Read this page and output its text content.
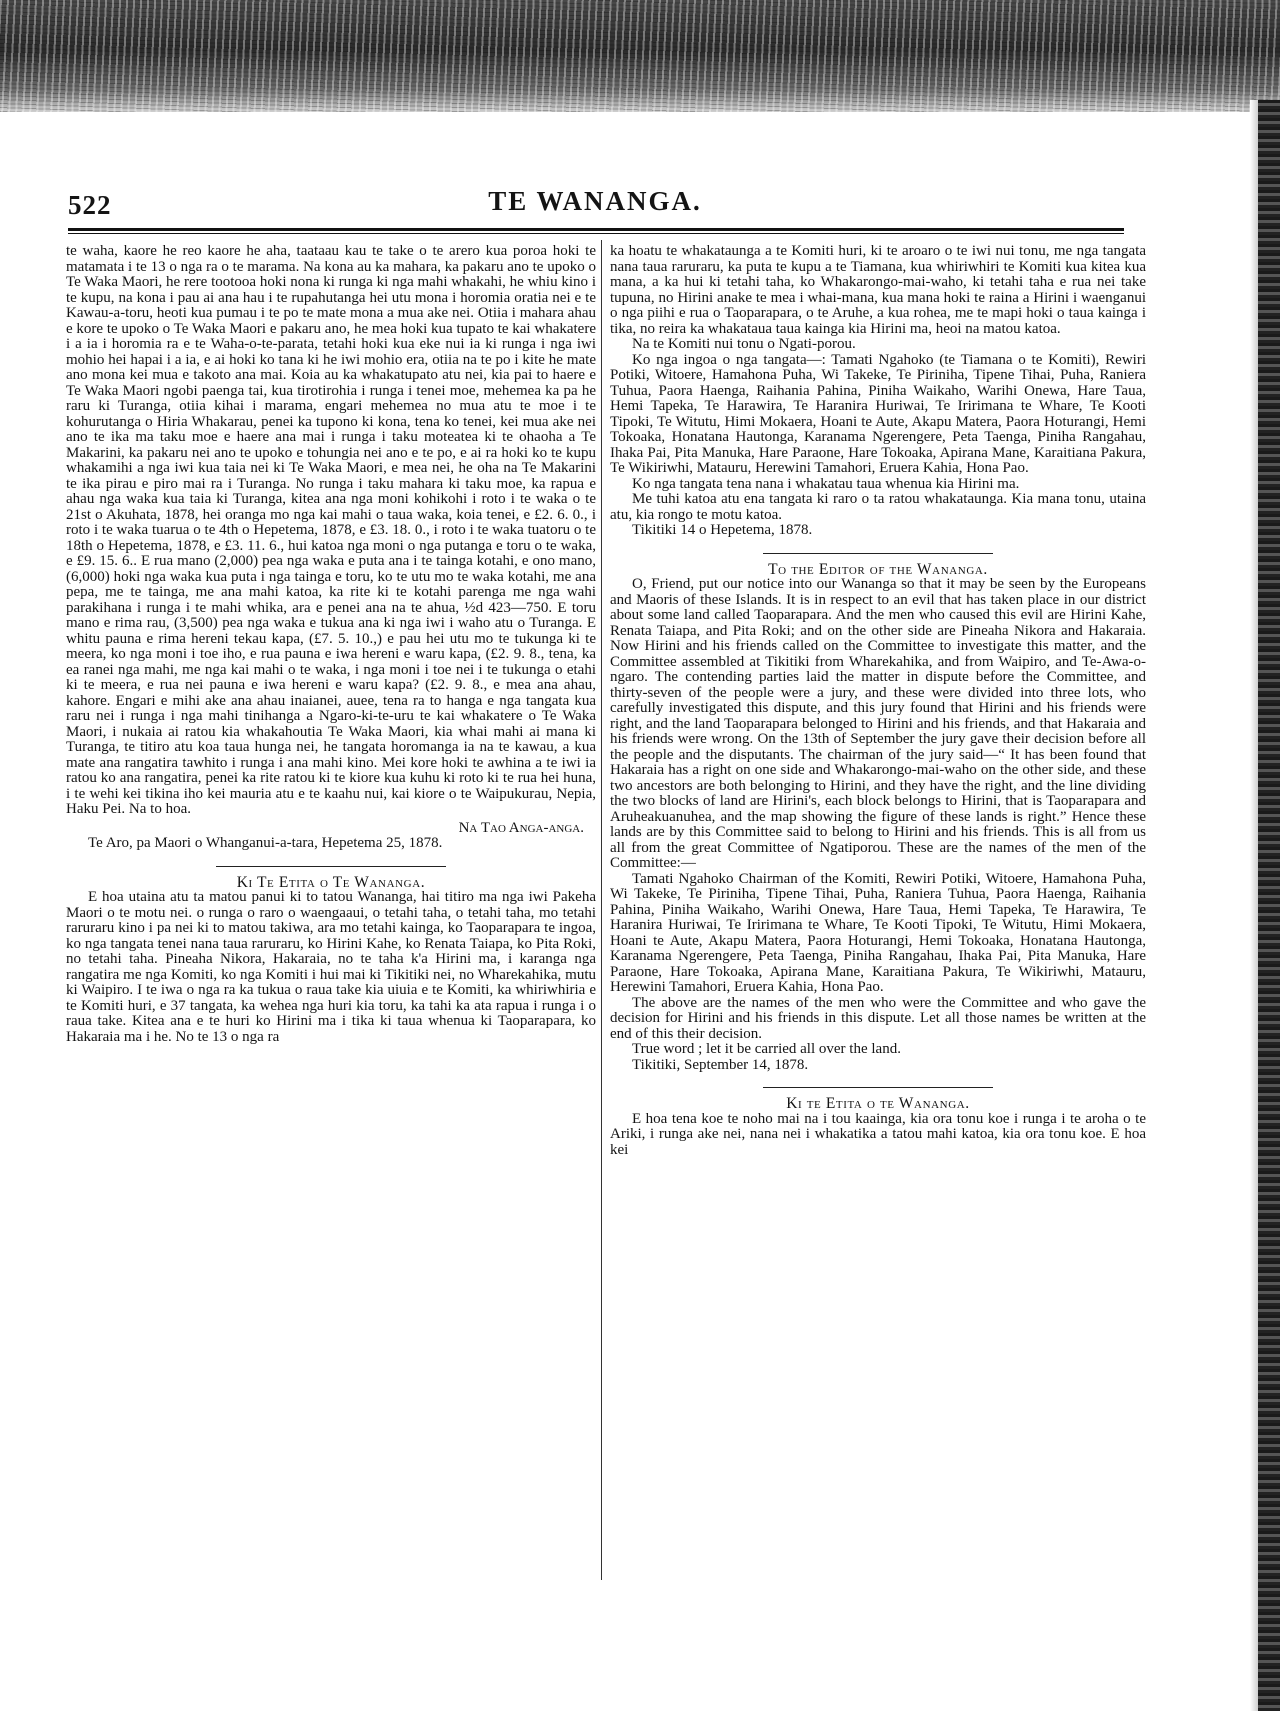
522	TE WANANGA.

te waha, kaore he reo kaore he aha, taataau kau te take o te arero kua poroa hoki te matamata i te 13 o nga ra o te marama. Na kona au ka mahara, ka pakaru ano te upoko o Te Waka Maori, he rere tootooa hoki nona ki runga ki nga mahi whakahi, he whiu kino i te kupu, na kona i pau ai ana hau i te rupahutanga hei utu mona i horomia oratia nei e te Kawau-a-toru, heoti kua pumau i te po te mate mona a mua ake nei. Otiia i mahara ahau e kore te upoko o Te Waka Maori e pakaru ano, he mea hoki kua tupato te kai whakatere i a ia i horomia ra e te Waha-o-te-parata, tetahi hoki kua eke nui ia ki runga i nga iwi mohio hei hapai i a ia, e ai hoki ko tana ki he iwi mohio era, otiia na te po i kite he mate ano mona kei mua e takoto ana mai. Koia au ka whakatupato atu nei, kia pai to haere e Te Waka Maori ngobi paenga tai, kua tirotirohia i runga i tenei moe, mehemea ka pa he raru ki Turanga, otiia kihai i marama, engari mehemea no mua atu te moe i te kohurutanga o Hiria Whakarau, penei ka tupono ki kona, tena ko tenei, kei mua ake nei ano te ika ma taku moe e haere ana mai i runga i taku moteatea ki te ohaoha a Te Makarini, ka pakaru nei ano te upoko e tohungia nei ano e te po, e ai ra hoki ko te kupu whakamihi a nga iwi kua taia nei ki Te Waka Maori, e mea nei, he oha na Te Makarini te ika pirau e piro mai ra i Turanga. No runga i taku mahara ki taku moe, ka rapua e ahau nga waka kua taia ki Turanga, kitea ana nga moni kohikohi i roto i te waka o te 21st o Akuhata, 1878, hei oranga mo nga kai mahi o taua waka, koia tenei, e £2. 6. 0., i roto i te waka tuarua o te 4th o Hepetema, 1878, e £3. 18. 0., i roto i te waka tuatoru o te 18th o Hepetema, 1878, e £3. 11. 6., hui katoa nga moni o nga putanga e toru o te waka, e £9. 15. 6.. E rua mano (2,000) pea nga waka e puta ana i te tainga kotahi, e ono mano, (6,000) hoki nga waka kua puta i nga tainga e toru, ko te utu mo te waka kotahi, me ana pepa, me te tainga, me ana mahi katoa, ka rite ki te kotahi parenga me nga wahi parakihana i runga i te mahi whika, ara e penei ana na te ahua, ½d 423—750. E toru mano e rima rau, (3,500) pea nga waka e tukua ana ki nga iwi i waho atu o Turanga. E whitu pauna e rima hereni tekau kapa, (£7. 5. 10.,) e pau hei utu mo te tukunga ki te meera, ko nga moni i toe iho, e rua pauna e iwa hereni e waru kapa, (£2. 9. 8., tena, ka ea ranei nga mahi, me nga kai mahi o te waka, i nga moni i toe nei i te tukunga o etahi ki te meera, e rua nei pauna e iwa hereni e waru kapa? (£2. 9. 8., e mea ana ahau, kahore. Engari e mihi ake ana ahau inaianei, auee, tena ra to hanga e nga tangata kua raru nei i runga i nga mahi tinihanga a Ngaro-ki-te-uru te kai whakatere o Te Waka Maori, i nukaia ai ratou kia whakahoutia Te Waka Maori, kia whai mahi ai mana ki Turanga, te titiro atu koa taua hunga nei, he tangata horomanga ia na te kawau, a kua mate ana rangatira tawhito i runga i ana mahi kino. Mei kore hoki te awhina a te iwi ia ratou ko ana rangatira, penei ka rite ratou ki te kiore kua kuhu ki roto ki te rua hei huna, i te wehi kei tikina iho kei mauria atu e te kaahu nui, kai kiore o te Waipukurau, Nepia, Haku Pei. Na to hoa.

Na Tao Anga-anga.

Te Aro, pa Maori o Whanganui-a-tara, Hepetema 25, 1878.

Ki Te Etita o Te Wananga.

E hoa utaina atu ta matou panui ki to tatou Wananga, hai titiro ma nga iwi Pakeha Maori o te motu nei. o runga o raro o waengaaui, o tetahi taha, o tetahi taha, mo tetahi raruraru kino i pa nei ki to matou takiwa, ara mo tetahi kainga, ko Taoparapara te ingoa, ko nga tangata tenei nana taua raruraru, ko Hirini Kahe, ko Renata Taiapa, ko Pita Roki, no tetahi taha. Pineaha Nikora, Hakaraia, no te taha k'a Hirini ma, i karanga nga rangatira me nga Komiti, ko nga Komiti i hui mai ki Tikitiki nei, no Wharekahika, mutu ki Waipiro. I te iwa o nga ra ka tukua o raua take kia uiuia e te Komiti, ka whiriwhiria e te Komiti huri, e 37 tangata, ka wehea nga huri kia toru, ka tahi ka ata rapua i runga i o raua take. Kitea ana e te huri ko Hirini ma i tika ki taua whenua ki Taoparapara, ko Hakaraia ma i he. No te 13 o nga ra

ka hoatu te whakataunga a te Komiti huri, ki te aroaro o te iwi nui tonu, me nga tangata nana taua raruraru, ka puta te kupu a te Tiamana, kua whiriwhiri te Komiti kua kitea kua mana, a ka hui ki tetahi taha, ko Whakarongo-mai-waho, ki tetahi taha e rua nei take tupuna, no Hirini anake te mea i whai-mana, kua mana hoki te raina a Hirini i waenganui o nga piihi e rua o Taoparapara, o te Aruhe, a kua rohea, me te mapi hoki o taua kainga i tika, no reira ka whakataua taua kainga kia Hirini ma, heoi na matou katoa.

Na te Komiti nui tonu o Ngati-porou.

Ko nga ingoa o nga tangata—: Tamati Ngahoko (te Tiamana o te Komiti), Rewiri Potiki, Witoere, Hamahona Puha, Wi Takeke, Te Piriniha, Tipene Tihai, Puha, Raniera Tuhua, Paora Haenga, Raihania Pahina, Piniha Waikaho, Warihi Onewa, Hare Taua, Hemi Tapeka, Te Harawira, Te Haranira Huriwai, Te Iririmana te Whare, Te Kooti Tipoki, Te Witutu, Himi Mokaera, Hoani te Aute, Akapu Matera, Paora Hoturangi, Hemi Tokoaka, Honatana Hautonga, Karanama Ngerengere, Peta Taenga, Piniha Rangahau, Ihaka Pai, Pita Manuka, Hare Paraone, Hare Tokoaka, Apirana Mane, Karaitiana Pakura, Te Wikiriwhi, Matauru, Herewini Tamahori, Eruera Kahia, Hona Pao.

Ko nga tangata tena nana i whakatau taua whenua kia Hirini ma.

Me tuhi katoa atu ena tangata ki raro o ta ratou whakataunga. Kia mana tonu, utaina atu, kia rongo te motu katoa.

Tikitiki 14 o Hepetema, 1878.

To the Editor of the Wananga.

O, Friend, put our notice into our Wananga so that it may be seen by the Europeans and Maoris of these Islands. It is in respect to an evil that has taken place in our district about some land called Taoparapara. And the men who caused this evil are Hirini Kahe, Renata Taiapa, and Pita Roki; and on the other side are Pineaha Nikora and Hakaraia. Now Hirini and his friends called on the Committee to investigate this matter, and the Committee assembled at Tikitiki from Wharekahika, and from Waipiro, and Te-Awa-o-ngaro. The contending parties laid the matter in dispute before the Committee, and thirty-seven of the people were a jury, and these were divided into three lots, who carefully investigated this dispute, and this jury found that Hirini and his friends were right, and the land Taoparapara belonged to Hirini and his friends, and that Hakaraia and his friends were wrong. On the 13th of September the jury gave their decision before all the people and the disputants. The chairman of the jury said—“ It has been found that Hakaraia has a right on one side and Whakarongo-mai-waho on the other side, and these two ancestors are both belonging to Hirini, and they have the right, and the line dividing the two blocks of land are Hirini's, each block belongs to Hirini, that is Taoparapara and Aruheakuanuhea, and the map showing the figure of these lands is right.” Hence these lands are by this Committee said to belong to Hirini and his friends. This is all from us all from the great Committee of Ngatiporou. These are the names of the men of the Committee:—

Tamati Ngahoko Chairman of the Komiti, Rewiri Potiki, Witoere, Hamahona Puha, Wi Takeke, Te Piriniha, Tipene Tihai, Puha, Raniera Tuhua, Paora Haenga, Raihania Pahina, Piniha Waikaho, Warihi Onewa, Hare Taua, Hemi Tapeka, Te Harawira, Te Haranira Huriwai, Te Iririmana te Whare, Te Kooti Tipoki, Te Witutu, Himi Mokaera, Hoani te Aute, Akapu Matera, Paora Hoturangi, Hemi Tokoaka, Honatana Hautonga, Karanama Ngerengere, Peta Taenga, Piniha Rangahau, Ihaka Pai, Pita Manuka, Hare Paraone, Hare Tokoaka, Apirana Mane, Karaitiana Pakura, Te Wikiriwhi, Matauru, Herewini Tamahori, Eruera Kahia, Hona Pao.

The above are the names of the men who were the Committee and who gave the decision for Hirini and his friends in this dispute. Let all those names be written at the end of this their decision.

True word ; let it be carried all over the land.

Tikitiki, September 14, 1878.

Ki te Etita o te Wananga.

E hoa tena koe te noho mai na i tou kaainga, kia ora tonu koe i runga i te aroha o te Ariki, i runga ake nei, nana nei i whakatika a tatou mahi katoa, kia ora tonu koe. E hoa kei
